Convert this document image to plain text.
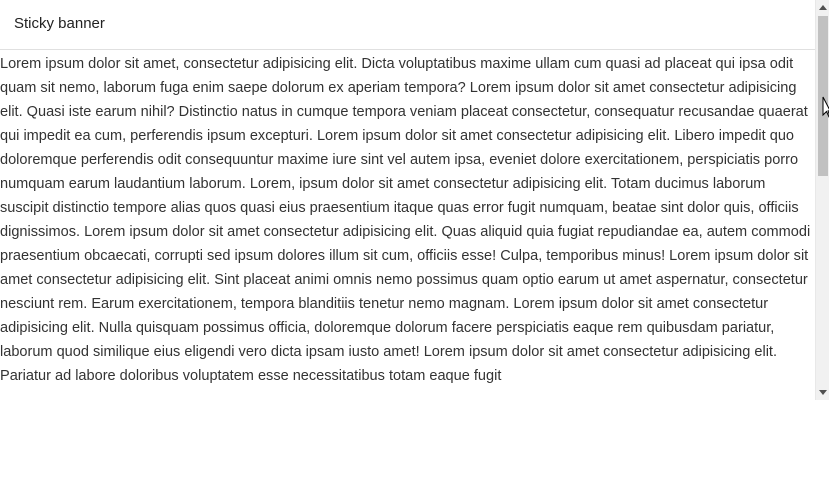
Sticky banner

Lorem ipsum dolor sit amet, consectetur adipisicing elit. Dicta voluptatibus maxime ullam cum quasi ad placeat qui ipsa odit quam sit nemo, laborum fuga enim saepe dolorum ex aperiam tempora? Lorem ipsum dolor sit amet consectetur adipisicing elit. Quasi iste earum nihil? Distinctio natus in cumque tempora veniam placeat consectetur, consequatur recusandae quaerat qui impedit ea cum, perferendis ipsum excepturi. Lorem ipsum dolor sit amet consectetur adipisicing elit. Libero impedit quo doloremque perferendis odit consequuntur maxime iure sint vel autem ipsa, eveniet dolore exercitationem, perspiciatis porro numquam earum laudantium laborum. Lorem, ipsum dolor sit amet consectetur adipisicing elit. Totam ducimus laborum suscipit distinctio tempore alias quos quasi eius praesentium itaque quas error fugit numquam, beatae sint dolor quis, officiis dignissimos. Lorem ipsum dolor sit amet consectetur adipisicing elit. Quas aliquid quia fugiat repudiandae ea, autem commodi praesentium obcaecati, corrupti sed ipsum dolores illum sit cum, officiis esse! Culpa, temporibus minus! Lorem ipsum dolor sit amet consectetur adipisicing elit. Sint placeat animi omnis nemo possimus quam optio earum ut amet aspernatur, consectetur nesciunt rem. Earum exercitationem, tempora blanditiis tenetur nemo magnam. Lorem ipsum dolor sit amet consectetur adipisicing elit. Nulla quisquam possimus officia, doloremque dolorum facere perspiciatis eaque rem quibusdam pariatur, laborum quod similique eius eligendi vero dicta ipsam iusto amet! Lorem ipsum dolor sit amet consectetur adipisicing elit. Pariatur ad labore doloribus voluptatem esse necessitatibus totam eaque fugit
